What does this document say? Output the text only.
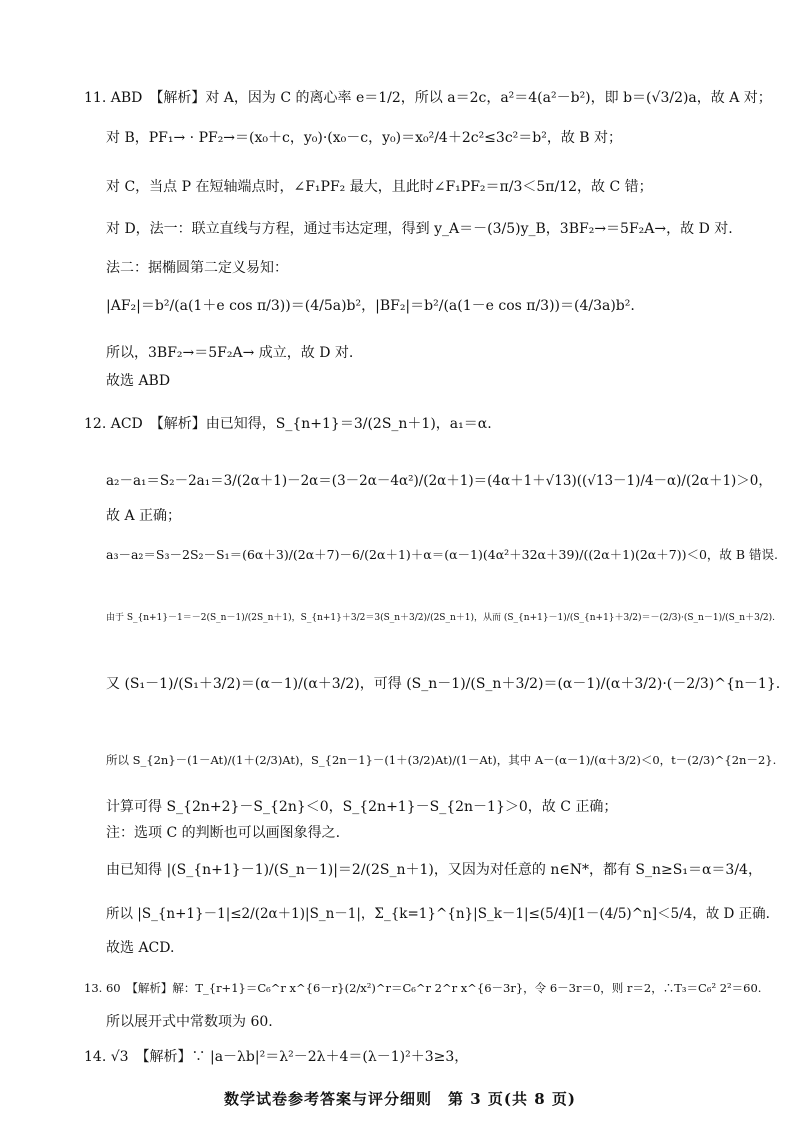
11. ABD　【解析】对 A，因为 C 的离心率 e＝1/2，所以 a＝2c，a²＝4(a²－b²)，即 b＝(√3/2)a，故 A 对；
对 B，PF₁→ · PF₂→＝(x₀＋c，y₀)·(x₀－c，y₀)＝x₀²/4＋2c²≤3c²＝b²，故 B 对；
对 C，当点 P 在短轴端点时，∠F₁PF₂ 最大，且此时∠F₁PF₂＝π/3＜5π/12，故 C 错；
对 D，法一：联立直线与方程，通过韦达定理，得到 y_A＝－(3/5)y_B，3BF₂→＝5F₂A→，故 D 对.
法二：据椭圆第二定义易知：
|AF₂|＝b²/(a(1＋e cos π/3))＝(4/5a)b²，|BF₂|＝b²/(a(1－e cos π/3))＝(4/3a)b².
所以，3BF₂→＝5F₂A→ 成立，故 D 对.
故选 ABD
12. ACD　【解析】由已知得，S_{n+1}＝3/(2S_n＋1)，a₁＝α.
a₂－a₁＝S₂－2a₁＝3/(2α＋1)－2α＝(3－2α－4α²)/(2α＋1)＝(4α＋1＋√13)((√13－1)/4－α)/(2α＋1)＞0，
故 A 正确；
a₃－a₂＝S₃－2S₂－S₁＝(6α＋3)/(2α＋7)－6/(2α＋1)＋α＝(α－1)(4α²＋32α＋39)/((2α＋1)(2α＋7))＜0，故 B 错误.
由于 S_{n+1}－1＝－2(S_n－1)/(2S_n＋1)，S_{n+1}＋3/2＝3(S_n＋3/2)/(2S_n＋1)，从而 (S_{n+1}－1)/(S_{n+1}＋3/2)＝－(2/3)·(S_n－1)/(S_n＋3/2).
又 (S₁－1)/(S₁＋3/2)＝(α－1)/(α＋3/2)，可得 (S_n－1)/(S_n＋3/2)＝(α－1)/(α＋3/2)·(－2/3)^{n－1}.
所以 S_{2n}－(1－At)/(1＋(2/3)At)，S_{2n－1}－(1＋(3/2)At)/(1－At)，其中 A－(α－1)/(α＋3/2)＜0，t－(2/3)^{2n－2}.
计算可得 S_{2n+2}－S_{2n}＜0，S_{2n+1}－S_{2n－1}＞0，故 C 正确；
注：选项 C 的判断也可以画图象得之.
由已知得 |(S_{n+1}－1)/(S_n－1)|＝2/(2S_n＋1)，又因为对任意的 n∈N*，都有 S_n≥S₁＝α＝3/4，
所以 |S_{n+1}－1|≤2/(2α＋1)|S_n－1|，Σ_{k=1}^{n}|S_k－1|≤(5/4)[1－(4/5)^n]＜5/4，故 D 正确.
故选 ACD.
13. 60　【解析】解：T_{r+1}＝C₆^r x^{6－r}(2/x²)^r＝C₆^r 2^r x^{6－3r}，令 6－3r＝0，则 r＝2，∴T₃＝C₆² 2²＝60.
所以展开式中常数项为 60.
14. √3　【解析】∵ |a－λb|²＝λ²－2λ＋4＝(λ－1)²＋3≥3，
数学试卷参考答案与评分细则　第 3 页(共 8 页)
